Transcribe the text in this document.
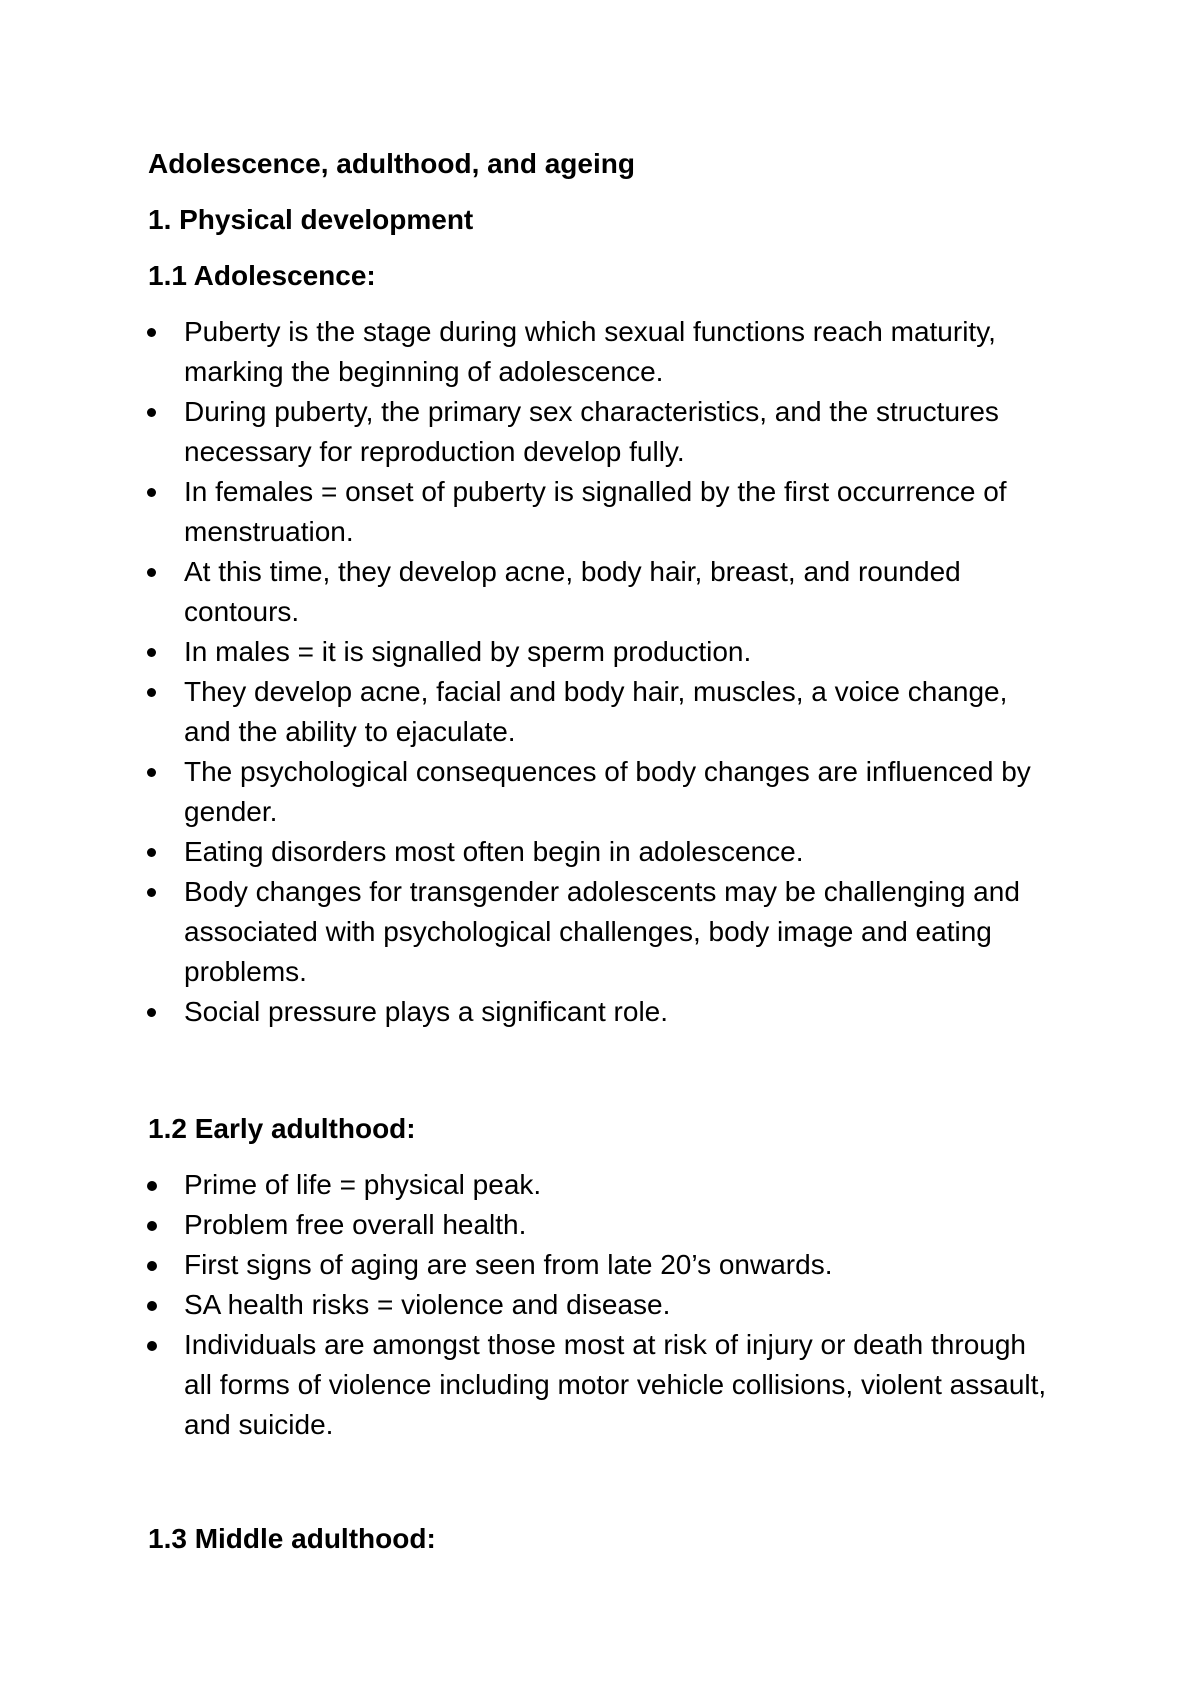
Adolescence, adulthood, and ageing
1. Physical development
1.1 Adolescence:
Puberty is the stage during which sexual functions reach maturity, marking the beginning of adolescence.
During puberty, the primary sex characteristics, and the structures necessary for reproduction develop fully.
In females = onset of puberty is signalled by the first occurrence of menstruation.
At this time, they develop acne, body hair, breast, and rounded contours.
In males = it is signalled by sperm production.
They develop acne, facial and body hair, muscles, a voice change, and the ability to ejaculate.
The psychological consequences of body changes are influenced by gender.
Eating disorders most often begin in adolescence.
Body changes for transgender adolescents may be challenging and associated with psychological challenges, body image and eating problems.
Social pressure plays a significant role.
1.2 Early adulthood:
Prime of life = physical peak.
Problem free overall health.
First signs of aging are seen from late 20’s onwards.
SA health risks = violence and disease.
Individuals are amongst those most at risk of injury or death through all forms of violence including motor vehicle collisions, violent assault, and suicide.
1.3 Middle adulthood:
